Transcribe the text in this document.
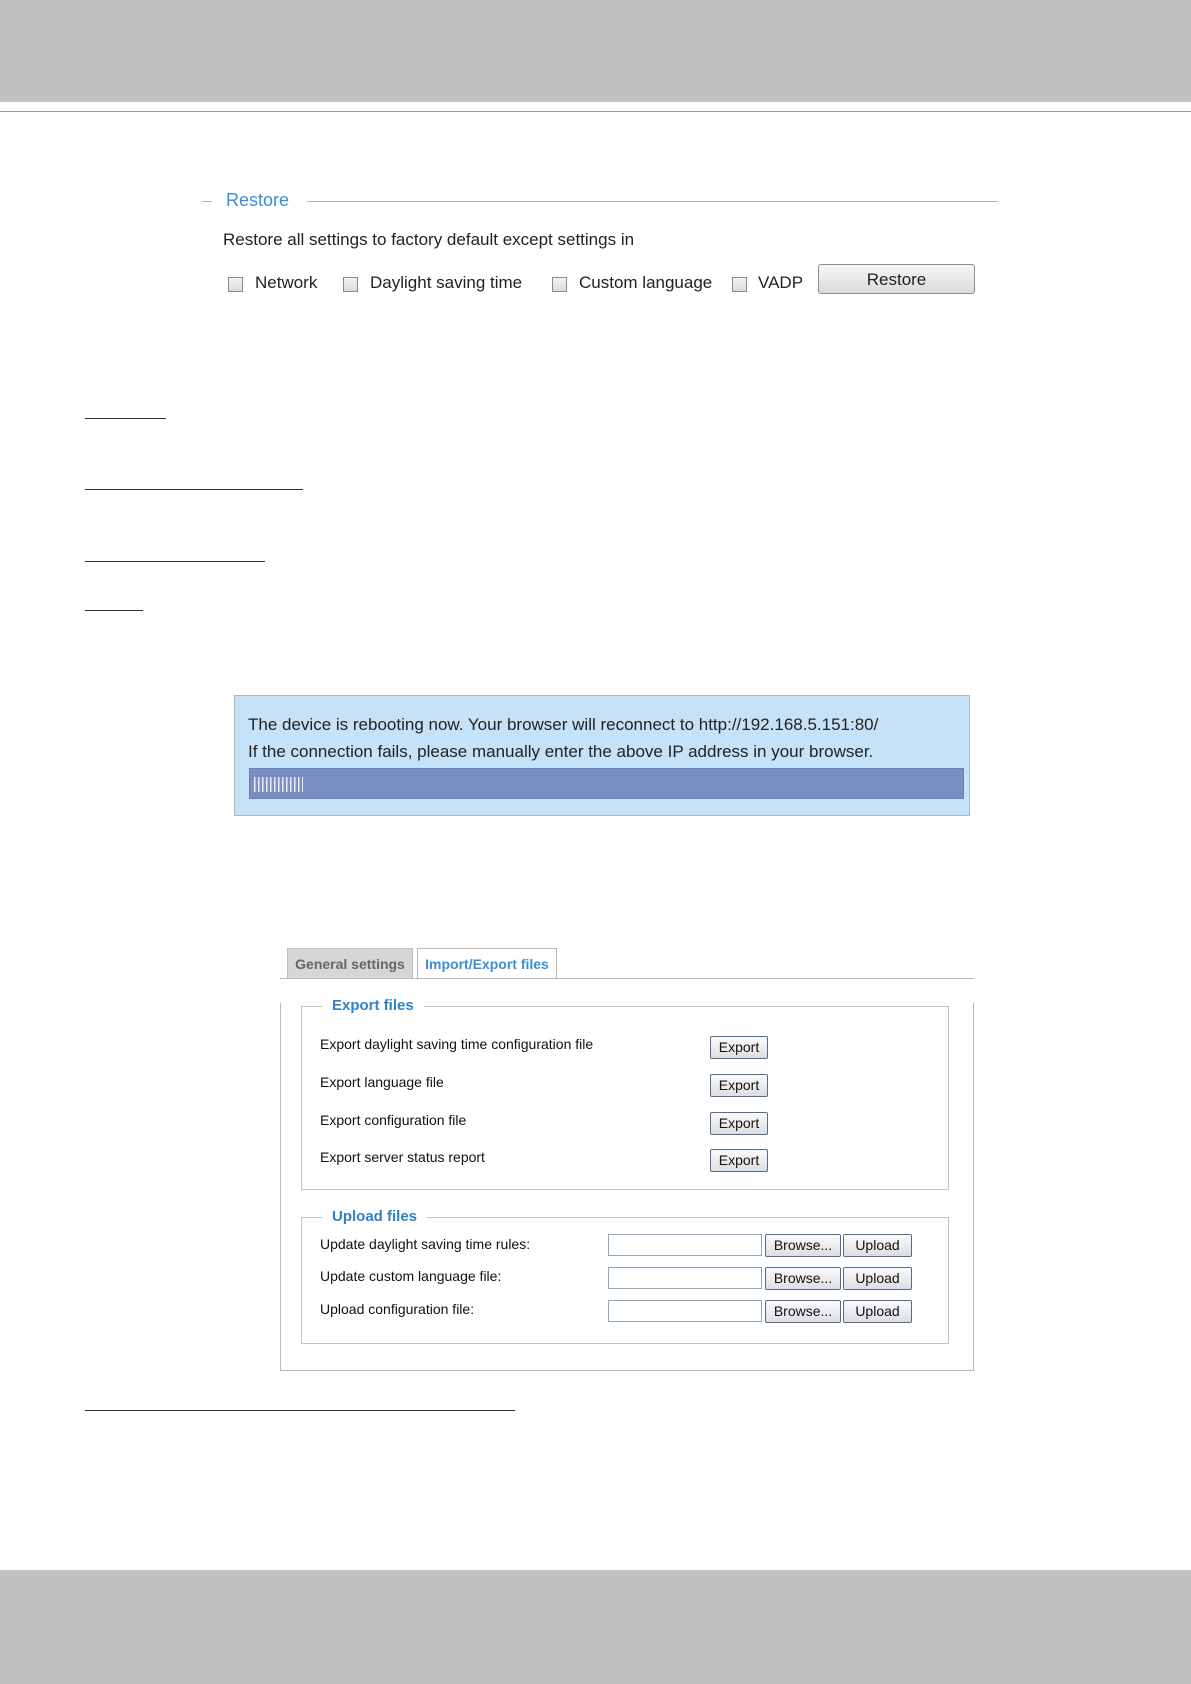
Restore
Restore all settings to factory default except settings in
Network	Daylight saving time	Custom language	VADP	Restore
The device is rebooting now. Your browser will reconnect to http://192.168.5.151:80/
If the connection fails, please manually enter the above IP address in your browser.
General settings	Import/Export files
Export files
Export daylight saving time configuration file	Export
Export language file	Export
Export configuration file	Export
Export server status report	Export
Upload files
Update daylight saving time rules:	Browse...	Upload
Update custom language file:	Browse...	Upload
Upload configuration file:	Browse...	Upload
